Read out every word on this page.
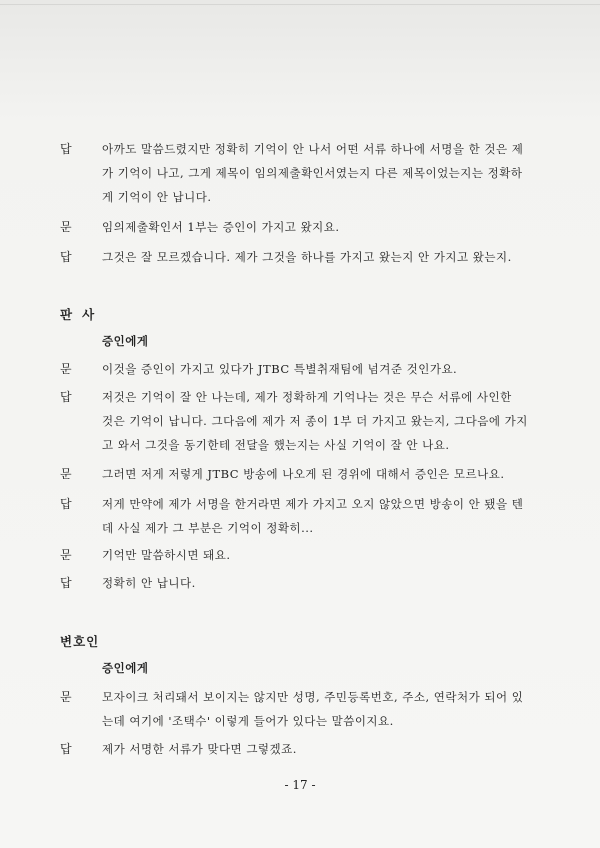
답	아까도 말씀드렸지만 정확히 기억이 안 나서 어떤 서류 하나에 서명을 한 것은 제
가 기억이 나고, 그게 제목이 임의제출확인서였는지 다른 제목이었는지는 정확하
게 기억이 안 납니다.
문	임의제출확인서 1부는 증인이 가지고 왔지요.
답	그것은 잘 모르겠습니다. 제가 그것을 하나를 가지고 왔는지 안 가지고 왔는지.
판사
증인에게
문	이것을 증인이 가지고 있다가 JTBC 특별취재팀에 넘겨준 것인가요.
답	저것은 기억이 잘 안 나는데, 제가 정확하게 기억나는 것은 무슨 서류에 사인한
것은 기억이 납니다. 그다음에 제가 저 종이 1부 더 가지고 왔는지, 그다음에 가지
고 와서 그것을 동기한테 전달을 했는지는 사실 기억이 잘 안 나요.
문	그러면 저게 저렇게 JTBC 방송에 나오게 된 경위에 대해서 증인은 모르나요.
답	저게 만약에 제가 서명을 한거라면 제가 가지고 오지 않았으면 방송이 안 됐을 텐
데 사실 제가 그 부분은 기억이 정확히...
문	기억만 말씀하시면 돼요.
답	정확히 안 납니다.
변호인
증인에게
문	모자이크 처리돼서 보이지는 않지만 성명, 주민등록번호, 주소, 연락처가 되어 있
는데 여기에 '조택수' 이렇게 들어가 있다는 말씀이지요.
답	제가 서명한 서류가 맞다면 그렇겠죠.
- 17 -
